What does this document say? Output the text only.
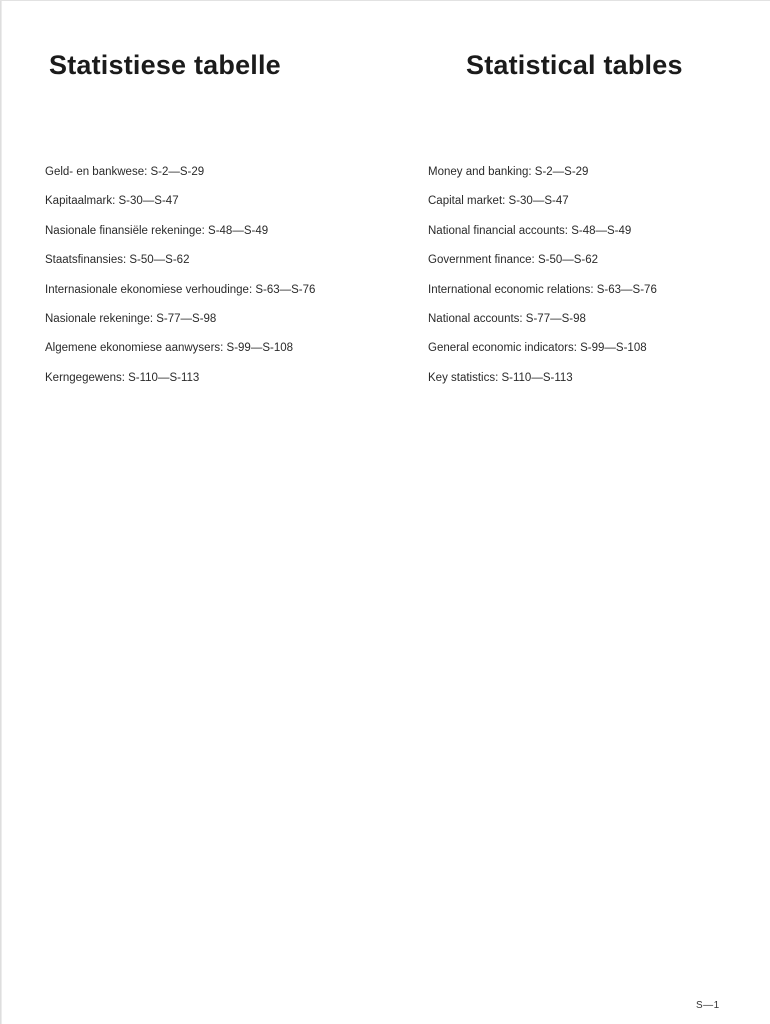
Statistiese tabelle
Geld- en bankwese: S-2—S-29
Kapitaalmark: S-30—S-47
Nasionale finansiële rekeninge: S-48—S-49
Staatsfinansies: S-50—S-62
Internasionale ekonomiese verhoudinge: S-63—S-76
Nasionale rekeninge: S-77—S-98
Algemene ekonomiese aanwysers: S-99—S-108
Kerngegewens: S-110—S-113
Statistical tables
Money and banking: S-2—S-29
Capital market: S-30—S-47
National financial accounts: S-48—S-49
Government finance: S-50—S-62
International economic relations: S-63—S-76
National accounts: S-77—S-98
General economic indicators: S-99—S-108
Key statistics: S-110—S-113
S—1
